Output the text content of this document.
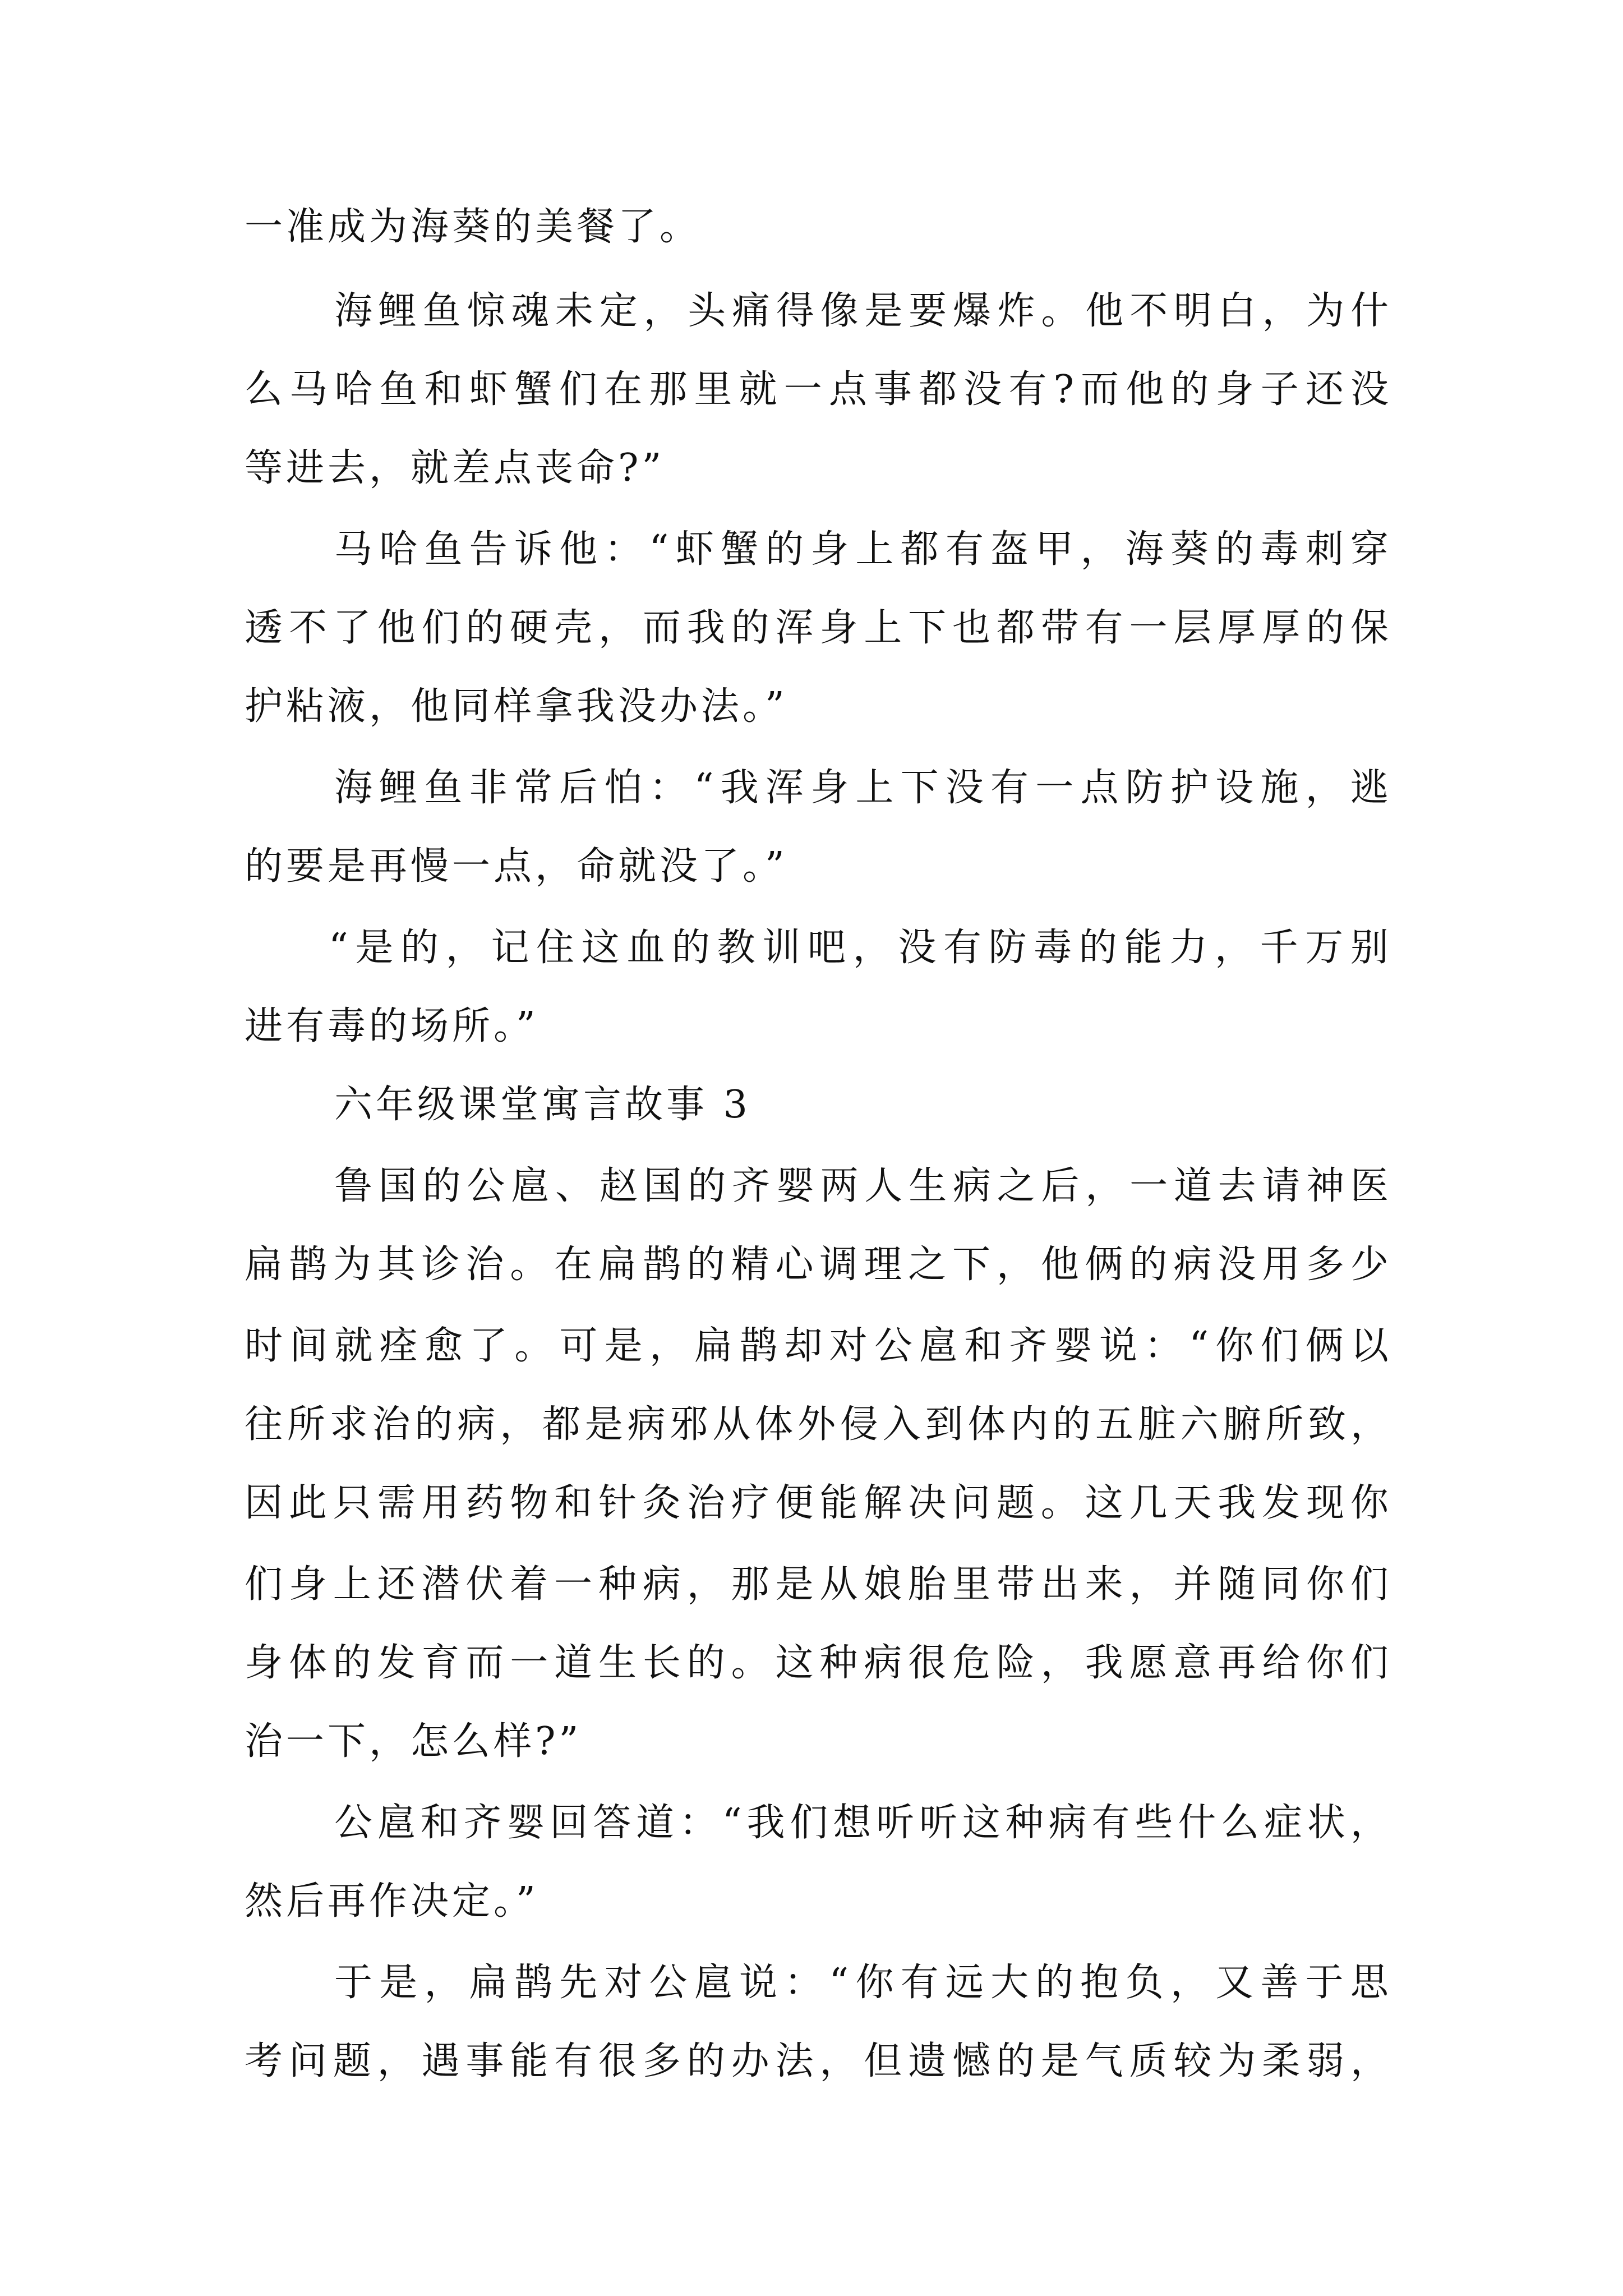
一准成为海葵的美餐了。
海 鲤 鱼 惊 魂 未 定 ， 头 痛 得 像 是 要 爆 炸 。 他 不 明 白 ， 为 什
么 马 哈 鱼 和 虾 蟹 们 在 那 里 就 一 点 事 都 没 有 ? 而 他 的 身 子 还 没
等进去，就差点丧命?”
马 哈 鱼 告 诉 他 ： “ 虾 蟹 的 身 上 都 有 盔 甲 ， 海 葵 的 毒 刺 穿
透 不 了 他 们 的 硬 壳 ， 而 我 的 浑 身 上 下 也 都 带 有 一 层 厚 厚 的 保
护粘液，他同样拿我没办法。”
海 鲤 鱼 非 常 后 怕 ： “ 我 浑 身 上 下 没 有 一 点 防 护 设 施 ， 逃
的要是再慢一点，命就没了。”
“ 是 的 ， 记 住 这 血 的 教 训 吧 ， 没 有 防 毒 的 能 力 ， 千 万 别
进有毒的场所。”
六年级课堂寓言故事 3
鲁 国 的 公 扈 、 赵 国 的 齐 婴 两 人 生 病 之 后 ， 一 道 去 请 神 医
扁 鹊 为 其 诊 治 。 在 扁 鹊 的 精 心 调 理 之 下 ， 他 俩 的 病 没 用 多 少
时 间 就 痊 愈 了 。 可 是 ， 扁 鹊 却 对 公 扈 和 齐 婴 说 ： “ 你 们 俩 以
往 所 求 治 的 病 ， 都 是 病 邪 从 体 外 侵 入 到 体 内 的 五 脏 六 腑 所 致 ，
因 此 只 需 用 药 物 和 针 灸 治 疗 便 能 解 决 问 题 。 这 几 天 我 发 现 你
们 身 上 还 潜 伏 着 一 种 病 ， 那 是 从 娘 胎 里 带 出 来 ， 并 随 同 你 们
身 体 的 发 育 而 一 道 生 长 的 。 这 种 病 很 危 险 ， 我 愿 意 再 给 你 们
治一下，怎么样?”
公 扈 和 齐 婴 回 答 道 ： “ 我 们 想 听 听 这 种 病 有 些 什 么 症 状 ，
然后再作决定。”
于 是 ， 扁 鹊 先 对 公 扈 说 ： “ 你 有 远 大 的 抱 负 ， 又 善 于 思
考 问 题 ， 遇 事 能 有 很 多 的 办 法 ， 但 遗 憾 的 是 气 质 较 为 柔 弱 ，
